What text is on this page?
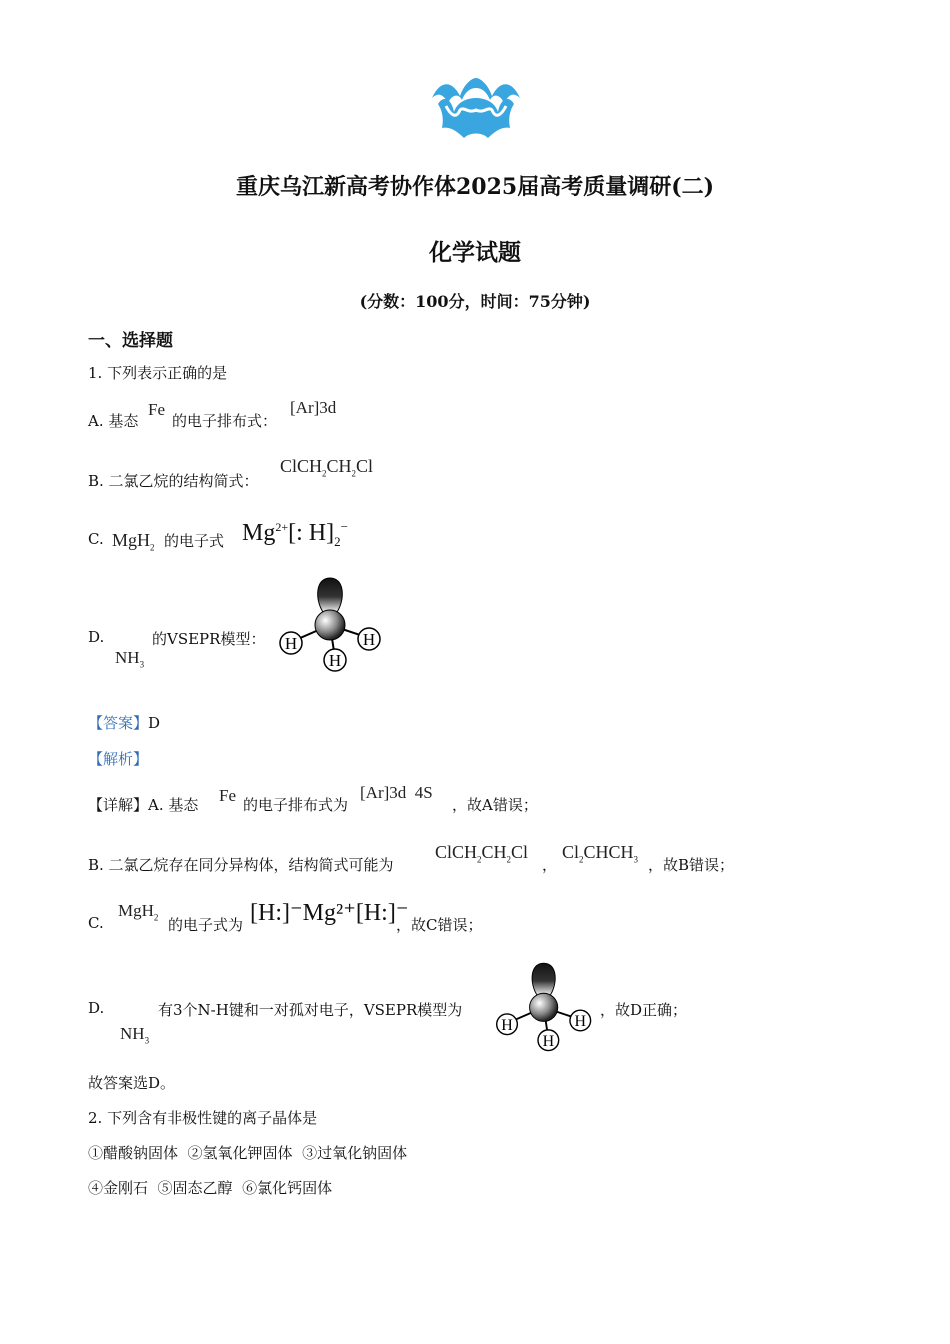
重庆乌江新高考协作体2025届高考质量调研(二)
化学试题
(分数：100分，时间：75分钟)
一、选择题
1. 下列表示正确的是
A. 基态
Fe
的电子排布式：
[Ar]3d
B. 二氯乙烷的结构简式：
$ClCH_2CH_2Cl$
C. MgH$_2$ 的电子式 $Mg^{2+}$[: $H]_2^-$
D.
$NH_3$
的VSEPR模型： H	H
H
【答案】D
【解析】
【详解】A. 基态 Fe 的电子排布式为
[Ar]3d  4S
，故A错误；
B. 二氯乙烷存在同分异构体，结构简式可能为
$ClCH_2CH_2Cl$
，
$Cl_2CHCH_3$ ，故B错误；
C.
MgH$_2$ 的电子式为 [H:]⁻Mg²⁺[H:]⁻
，故C错误；
D.
$NH_3$
有3个N-H键和一对孤对电子，VSEPR模型为
H	H
H
，故D正确；
故答案选D。
2. 下列含有非极性键的离子晶体是
①醋酸钠固体  ②氢氧化钾固体  ③过氧化钠固体
④金刚石  ⑤固态乙醇  ⑥氯化钙固体
